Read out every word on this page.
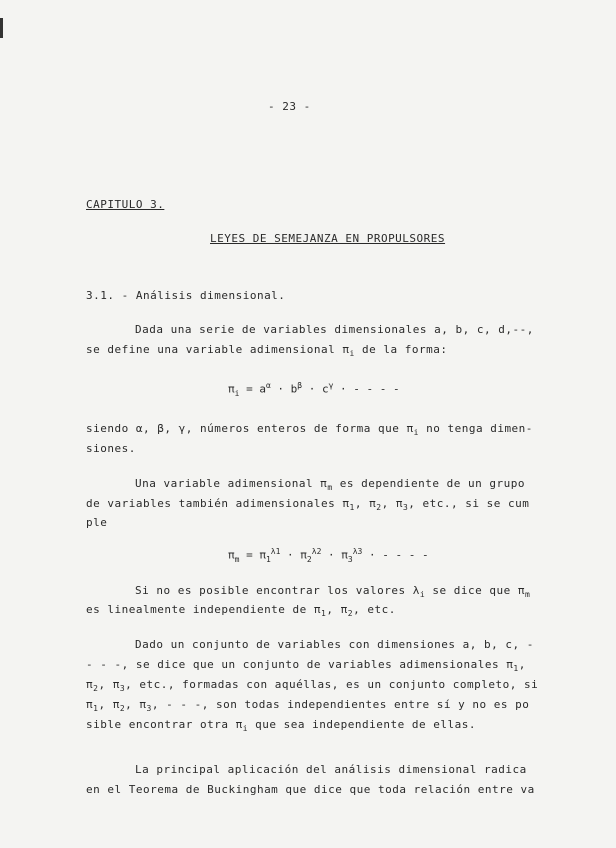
- 23 -
CAPITULO 3.
LEYES DE SEMEJANZA EN PROPULSORES
3.1. - Análisis dimensional.
Dada una serie de variables dimensionales a, b, c, d,--,
se define una variable adimensional $\pi_i$ de la forma:
$\pi_i = a^\alpha \cdot b^\beta \cdot c^\gamma$ · - - - -
siendo α, β, γ, números enteros de forma que $\pi_i$ no tenga dimen-
siones.
Una variable adimensional $\pi_m$ es dependiente de un grupo
de variables también adimensionales $\pi_1$, $\pi_2$, $\pi_3$, etc., si se cum
ple
$\pi_m = \pi_1^{\lambda 1} \cdot \pi_2^{\lambda 2} \cdot \pi_3^{\lambda 3}$ · - - - -
Si no es posible encontrar los valores $\lambda_i$ se dice que $\pi_m$
es linealmente independiente de $\pi_1$, $\pi_2$, etc.
Dado un conjunto de variables con dimensiones a, b, c, -
- - -, se dice que un conjunto de variables adimensionales $\pi_1$,
$\pi_2$, $\pi_3$, etc., formadas con aquéllas, es un conjunto completo, si
$\pi_1$, $\pi_2$, $\pi_3$, - - -, son todas independientes entre sí y no es po
sible encontrar otra $\pi_i$ que sea independiente de ellas.
La principal aplicación del análisis dimensional radica
en el Teorema de Buckingham que dice que toda relación entre va
